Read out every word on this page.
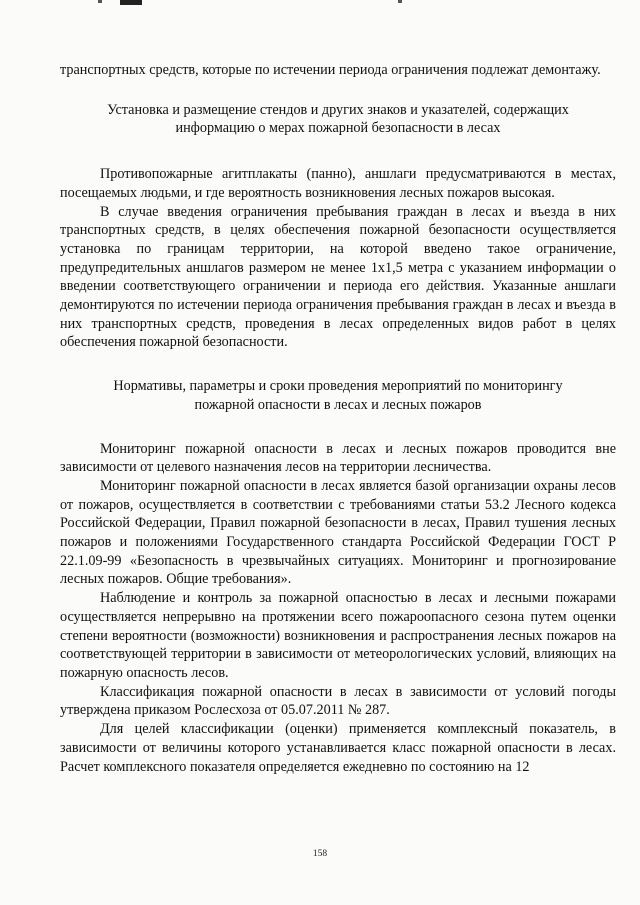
транспортных средств, которые по истечении периода ограничения подлежат демонтажу.

Установка и размещение стендов и других знаков и указателей, содержащих информацию о мерах пожарной безопасности в лесах

Противопожарные агитплакаты (панно), аншлаги предусматриваются в местах, посещаемых людьми, и где вероятность возникновения лесных пожаров высокая.

В случае введения ограничения пребывания граждан в лесах и въезда в них транспортных средств, в целях обеспечения пожарной безопасности осуществляется установка по границам территории, на которой введено такое ограничение, предупредительных аншлагов размером не менее 1х1,5 метра с указанием информации о введении соответствующего ограничении и периода его действия. Указанные аншлаги демонтируются по истечении периода ограничения пребывания граждан в лесах и въезда в них транспортных средств, проведения в лесах определенных видов работ в целях обеспечения пожарной безопасности.

Нормативы, параметры и сроки проведения мероприятий по мониторингу пожарной опасности в лесах и лесных пожаров

Мониторинг пожарной опасности в лесах и лесных пожаров проводится вне зависимости от целевого назначения лесов на территории лесничества.

Мониторинг пожарной опасности в лесах является базой организации охраны лесов от пожаров, осуществляется в соответствии с требованиями статьи 53.2 Лесного кодекса Российской Федерации, Правил пожарной безопасности в лесах, Правил тушения лесных пожаров и положениями Государственного стандарта Российской Федерации ГОСТ Р 22.1.09-99 «Безопасность в чрезвычайных ситуациях. Мониторинг и прогнозирование лесных пожаров. Общие требования».

Наблюдение и контроль за пожарной опасностью в лесах и лесными пожарами осуществляется непрерывно на протяжении всего пожароопасного сезона путем оценки степени вероятности (возможности) возникновения и распространения лесных пожаров на соответствующей территории в зависимости от метеорологических условий, влияющих на пожарную опасность лесов.

Классификация пожарной опасности в лесах в зависимости от условий погоды утверждена приказом Рослесхоза от 05.07.2011 № 287.

Для целей классификации (оценки) применяется комплексный показатель, в зависимости от величины которого устанавливается класс пожарной опасности в лесах. Расчет комплексного показателя определяется ежедневно по состоянию на 12

158
